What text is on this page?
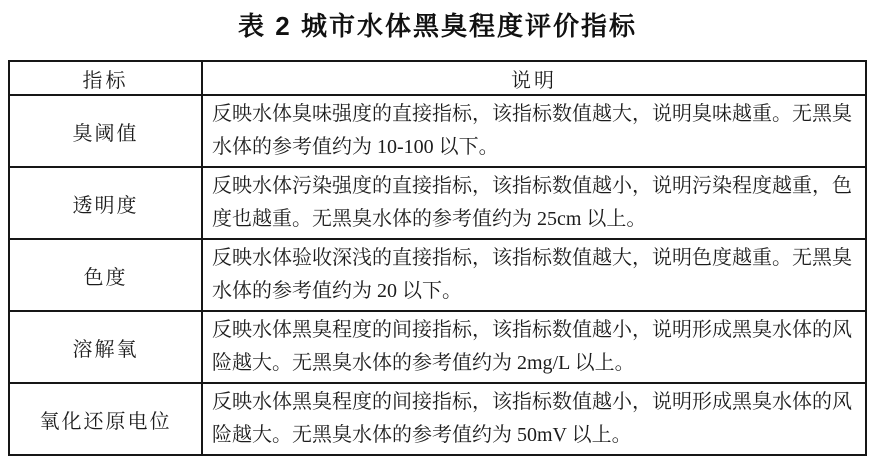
表 2 城市水体黑臭程度评价指标
指标	说明
臭阈值	反映水体臭味强度的直接指标，该指标数值越大，说明臭味越重。无黑臭水体的参考值约为 10-100 以下。
透明度	反映水体污染强度的直接指标，该指标数值越小，说明污染程度越重，色度也越重。无黑臭水体的参考值约为 25cm 以上。
色度	反映水体验收深浅的直接指标，该指标数值越大，说明色度越重。无黑臭水体的参考值约为 20 以下。
溶解氧	反映水体黑臭程度的间接指标，该指标数值越小，说明形成黑臭水体的风险越大。无黑臭水体的参考值约为 2mg/L 以上。
氧化还原电位	反映水体黑臭程度的间接指标，该指标数值越小，说明形成黑臭水体的风险越大。无黑臭水体的参考值约为 50mV 以上。
